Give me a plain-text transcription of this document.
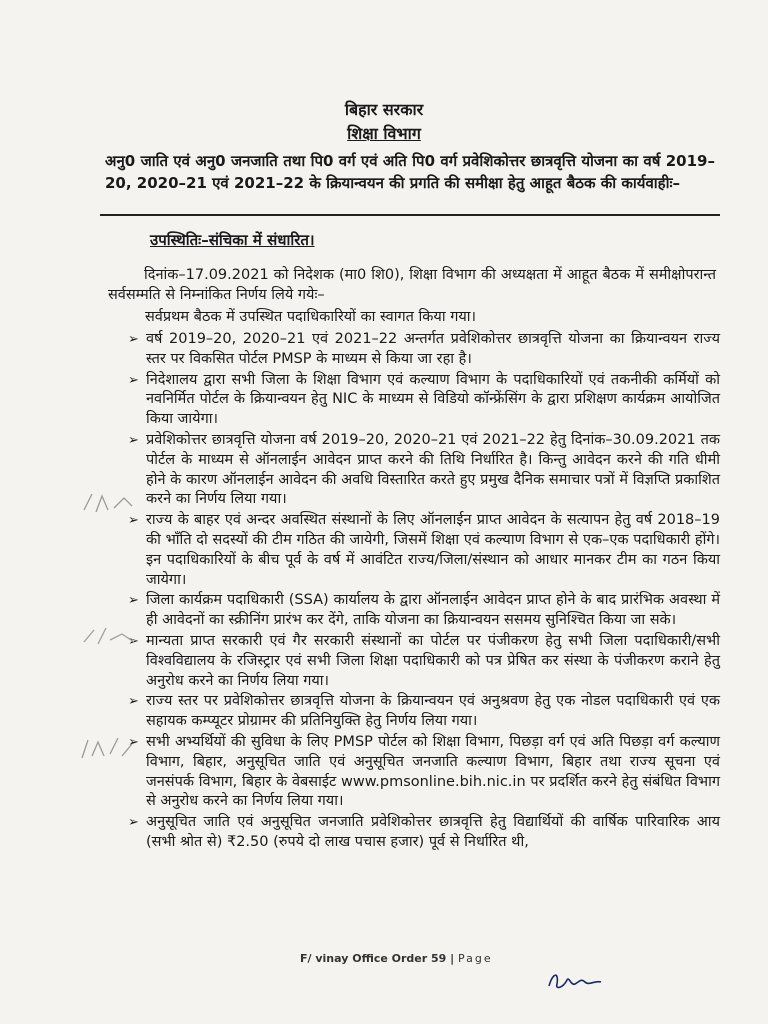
बिहार सरकार
शिक्षा विभाग
अनु0 जाति एवं अनु0 जनजाति तथा पि0 वर्ग एवं अति पि0 वर्ग प्रवेशिकोत्तर छात्रवृत्ति योजना का वर्ष 2019–20, 2020–21 एवं 2021–22 के क्रियान्वयन की प्रगति की समीक्षा हेतु आहूत बैठक की कार्यवाहीः–
उपस्थितिः–संचिका में संधारित।
दिनांक–17.09.2021 को निदेशक (मा0 शि0), शिक्षा विभाग की अध्यक्षता में आहूत बैठक में समीक्षोपरान्त सर्वसम्मति से निम्नांकित निर्णय लिये गयेः–
सर्वप्रथम बैठक में उपस्थित पदाधिकारियों का स्वागत किया गया।
➢ वर्ष 2019–20, 2020–21 एवं 2021–22 अन्तर्गत प्रवेशिकोत्तर छात्रवृत्ति योजना का क्रियान्वयन राज्य स्तर पर विकसित पोर्टल PMSP के माध्यम से किया जा रहा है।
➢ निदेशालय द्वारा सभी जिला के शिक्षा विभाग एवं कल्याण विभाग के पदाधिकारियों एवं तकनीकी कर्मियों को नवनिर्मित पोर्टल के क्रियान्वयन हेतु NIC के माध्यम से विडियो कॉन्फ्रेंसिंग के द्वारा प्रशिक्षण कार्यक्रम आयोजित किया जायेगा।
➢ प्रवेशिकोत्तर छात्रवृत्ति योजना वर्ष 2019–20, 2020–21 एवं 2021–22 हेतु दिनांक–30.09.2021 तक पोर्टल के माध्यम से ऑनलाईन आवेदन प्राप्त करने की तिथि निर्धारित है। किन्तु आवेदन करने की गति धीमी होने के कारण ऑनलाईन आवेदन की अवधि विस्तारित करते हुए प्रमुख दैनिक समाचार पत्रों में विज्ञप्ति प्रकाशित करने का निर्णय लिया गया।
➢ राज्य के बाहर एवं अन्दर अवस्थित संस्थानों के लिए ऑनलाईन प्राप्त आवेदन के सत्यापन हेतु वर्ष 2018–19 की भाँति दो सदस्यों की टीम गठित की जायेगी, जिसमें शिक्षा एवं कल्याण विभाग से एक–एक पदाधिकारी होंगे। इन पदाधिकारियों के बीच पूर्व के वर्ष में आवंटित राज्य/जिला/संस्थान को आधार मानकर टीम का गठन किया जायेगा।
➢ जिला कार्यक्रम पदाधिकारी (SSA) कार्यालय के द्वारा ऑनलाईन आवेदन प्राप्त होने के बाद प्रारंभिक अवस्था में ही आवेदनों का स्क्रीनिंग प्रारंभ कर देंगे, ताकि योजना का क्रियान्वयन ससमय सुनिश्चित किया जा सके।
➢ मान्यता प्राप्त सरकारी एवं गैर सरकारी संस्थानों का पोर्टल पर पंजीकरण हेतु सभी जिला पदाधिकारी/सभी विश्वविद्यालय के रजिस्ट्रार एवं सभी जिला शिक्षा पदाधिकारी को पत्र प्रेषित कर संस्था के पंजीकरण कराने हेतु अनुरोध करने का निर्णय लिया गया।
➢ राज्य स्तर पर प्रवेशिकोत्तर छात्रवृत्ति योजना के क्रियान्वयन एवं अनुश्रवण हेतु एक नोडल पदाधिकारी एवं एक सहायक कम्प्यूटर प्रोग्रामर की प्रतिनियुक्ति हेतु निर्णय लिया गया।
➢ सभी अभ्यर्थियों की सुविधा के लिए PMSP पोर्टल को शिक्षा विभाग, पिछड़ा वर्ग एवं अति पिछड़ा वर्ग कल्याण विभाग, बिहार, अनुसूचित जाति एवं अनुसूचित जनजाति कल्याण विभाग, बिहार तथा राज्य सूचना एवं जनसंपर्क विभाग, बिहार के वेबसाईट www.pmsonline.bih.nic.in पर प्रदर्शित करने हेतु संबंधित विभाग से अनुरोध करने का निर्णय लिया गया।
➢ अनुसूचित जाति एवं अनुसूचित जनजाति प्रवेशिकोत्तर छात्रवृत्ति हेतु विद्यार्थियों की वार्षिक पारिवारिक आय (सभी श्रोत से) ₹2.50 (रुपये दो लाख पचास हजार) पूर्व से निर्धारित थी,
F/ vinay Office Order 59 | Page
